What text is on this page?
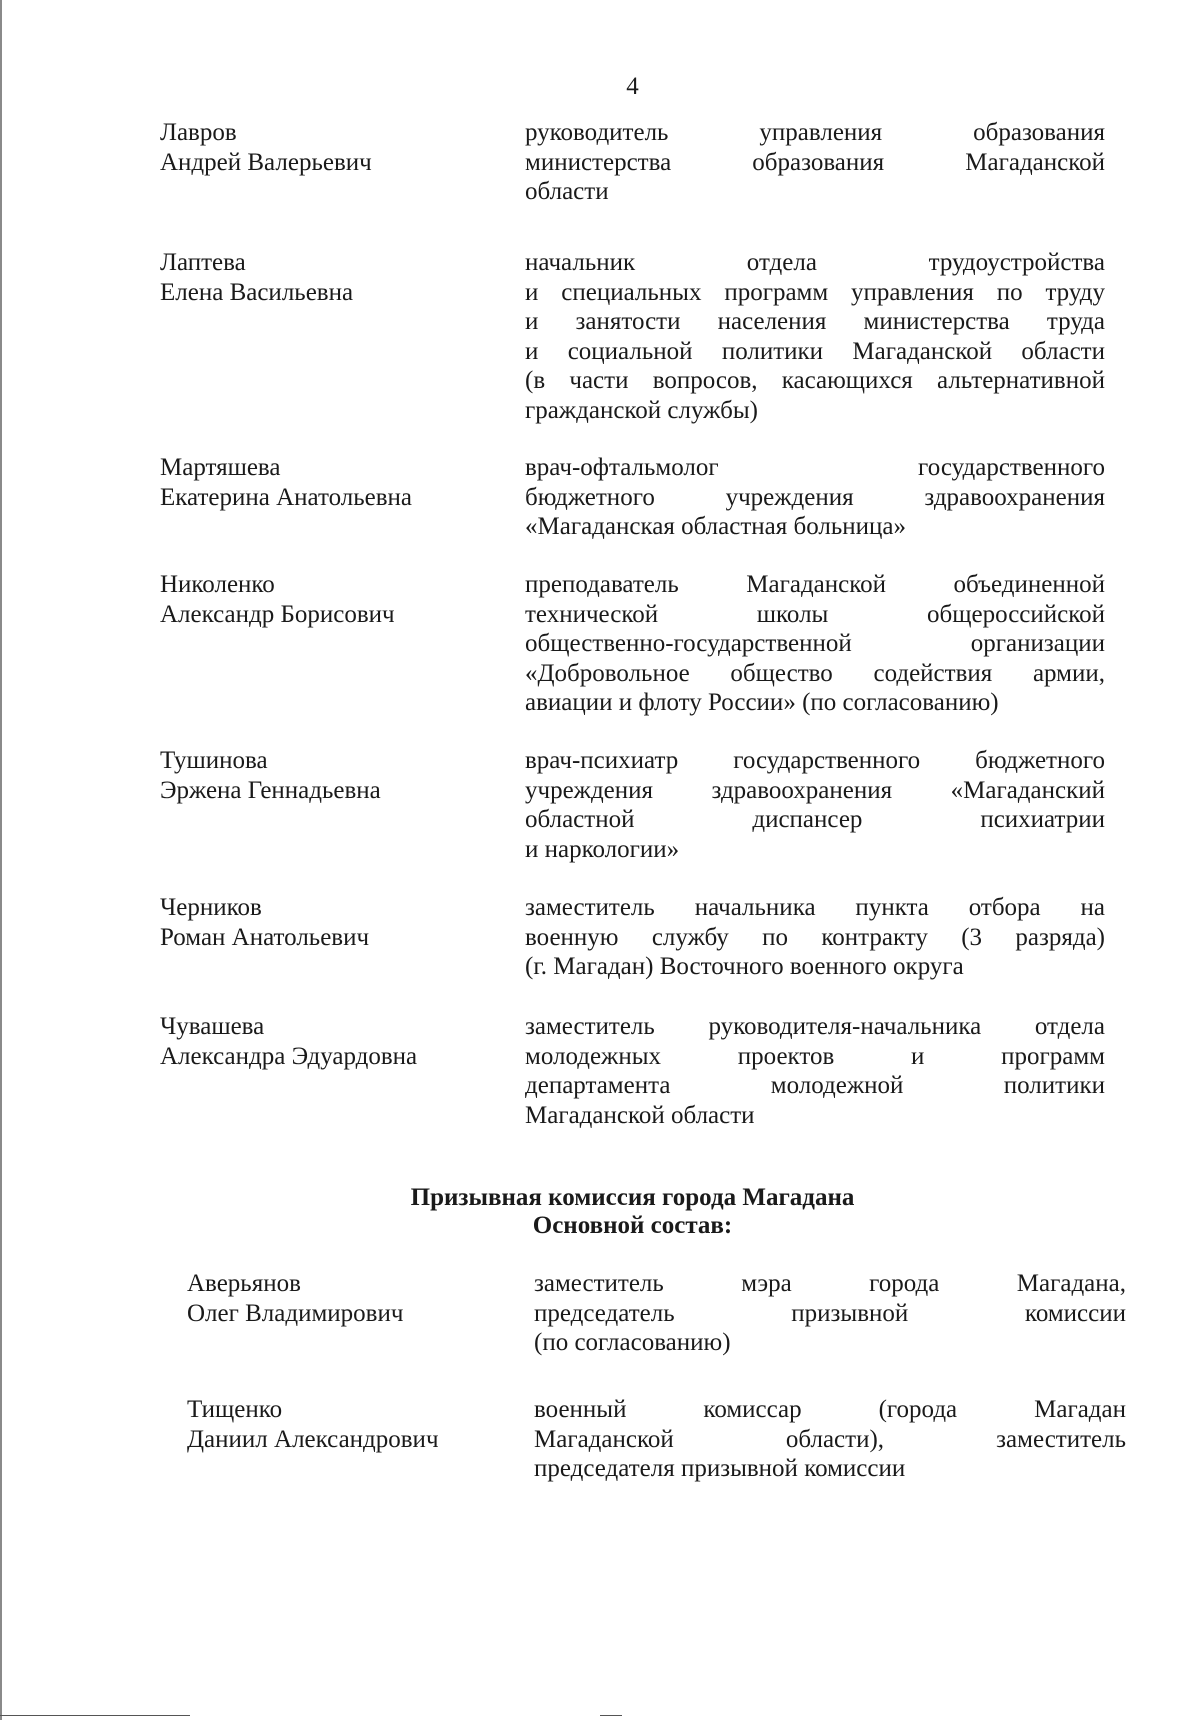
4
Лавров
Андрей Валерьевич
руководитель управления образования
министерства образования Магаданской
области
Лаптева
Елена Васильевна
начальник отдела трудоустройства
и специальных программ управления по труду
и занятости населения министерства труда
и социальной политики Магаданской области
(в части вопросов, касающихся альтернативной
гражданской службы)
Мартяшева
Екатерина Анатольевна
врач-офтальмолог государственного
бюджетного учреждения здравоохранения
«Магаданская областная больница»
Николенко
Александр Борисович
преподаватель Магаданской объединенной
технической школы общероссийской
общественно-государственной организации
«Добровольное общество содействия армии,
авиации и флоту России» (по согласованию)
Тушинова
Эржена Геннадьевна
врач-психиатр государственного бюджетного
учреждения здравоохранения «Магаданский
областной диспансер психиатрии
и наркологии»
Черников
Роман Анатольевич
заместитель начальника пункта отбора на
военную службу по контракту (3 разряда)
(г. Магадан) Восточного военного округа
Чувашева
Александра Эдуардовна
заместитель руководителя-начальника отдела
молодежных проектов и программ
департамента молодежной политики
Магаданской области
Призывная комиссия города Магадана
Основной состав:
Аверьянов
Олег Владимирович
заместитель мэра города Магадана,
председатель призывной комиссии
(по согласованию)
Тищенко
Даниил Александрович
военный комиссар (города Магадан
Магаданской области), заместитель
председателя призывной комиссии
